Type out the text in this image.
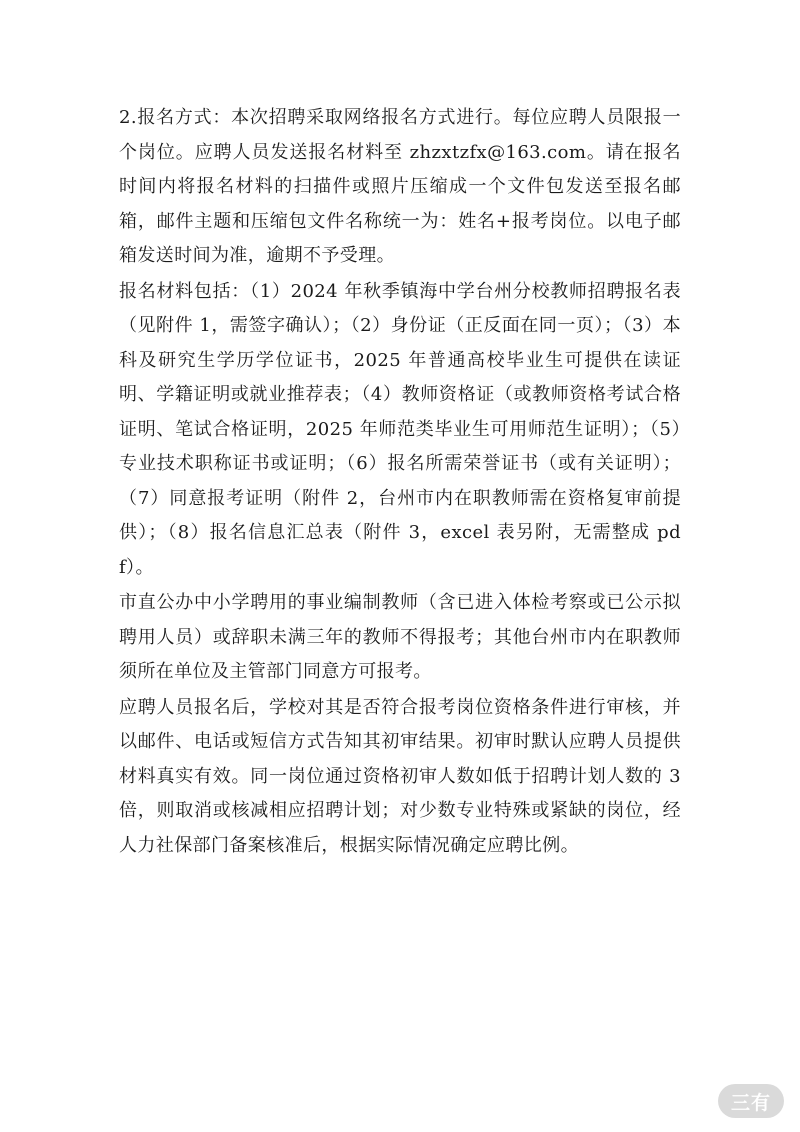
2.报名方式：本次招聘采取网络报名方式进行。每位应聘人员限报一个岗位。应聘人员发送报名材料至 zhzxtzfx@163.com。请在报名时间内将报名材料的扫描件或照片压缩成一个文件包发送至报名邮箱，邮件主题和压缩包文件名称统一为：姓名+报考岗位。以电子邮箱发送时间为准，逾期不予受理。

报名材料包括：（1）2024 年秋季镇海中学台州分校教师招聘报名表（见附件 1，需签字确认）；（2）身份证（正反面在同一页）；（3）本科及研究生学历学位证书，2025 年普通高校毕业生可提供在读证明、学籍证明或就业推荐表；（4）教师资格证（或教师资格考试合格证明、笔试合格证明，2025 年师范类毕业生可用师范生证明）；（5）专业技术职称证书或证明；（6）报名所需荣誉证书（或有关证明）；（7）同意报考证明（附件 2，台州市内在职教师需在资格复审前提供）；（8）报名信息汇总表（附件 3，excel 表另附，无需整成 pdf）。

市直公办中小学聘用的事业编制教师（含已进入体检考察或已公示拟聘用人员）或辞职未满三年的教师不得报考；其他台州市内在职教师须所在单位及主管部门同意方可报考。

应聘人员报名后，学校对其是否符合报考岗位资格条件进行审核，并以邮件、电话或短信方式告知其初审结果。初审时默认应聘人员提供材料真实有效。同一岗位通过资格初审人数如低于招聘计划人数的 3 倍，则取消或核减相应招聘计划；对少数专业特殊或紧缺的岗位，经人力社保部门备案核准后，根据实际情况确定应聘比例。

三有
